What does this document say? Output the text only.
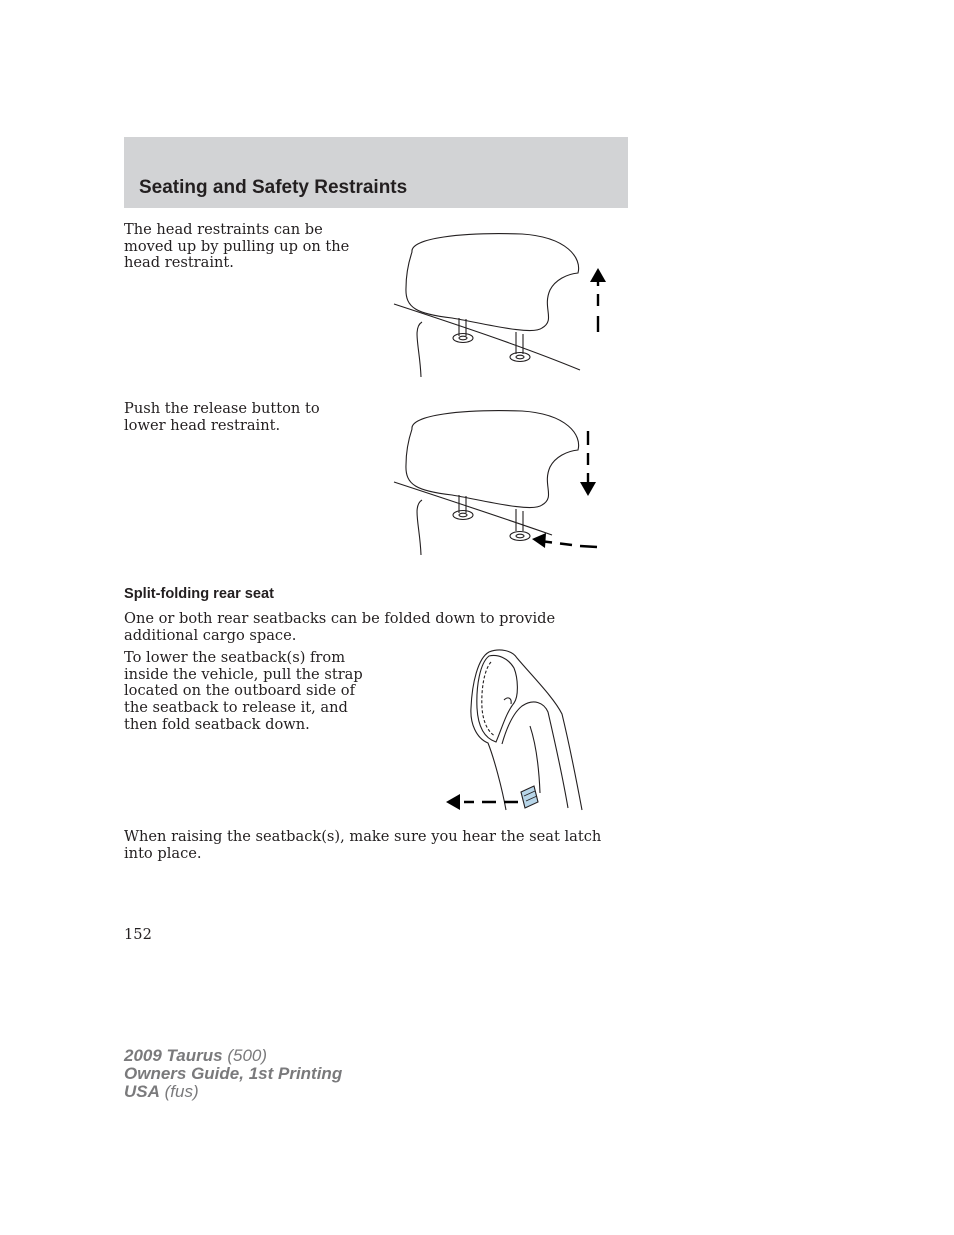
Seating and Safety Restraints

The head restraints can be moved up by pulling up on the head restraint.

Push the release button to lower head restraint.

Split-folding rear seat

One or both rear seatbacks can be folded down to provide additional cargo space.

To lower the seatback(s) from inside the vehicle, pull the strap located on the outboard side of the seatback to release it, and then fold seatback down.

When raising the seatback(s), make sure you hear the seat latch into place.

152

2009 Taurus (500)
Owners Guide, 1st Printing
USA (fus)
